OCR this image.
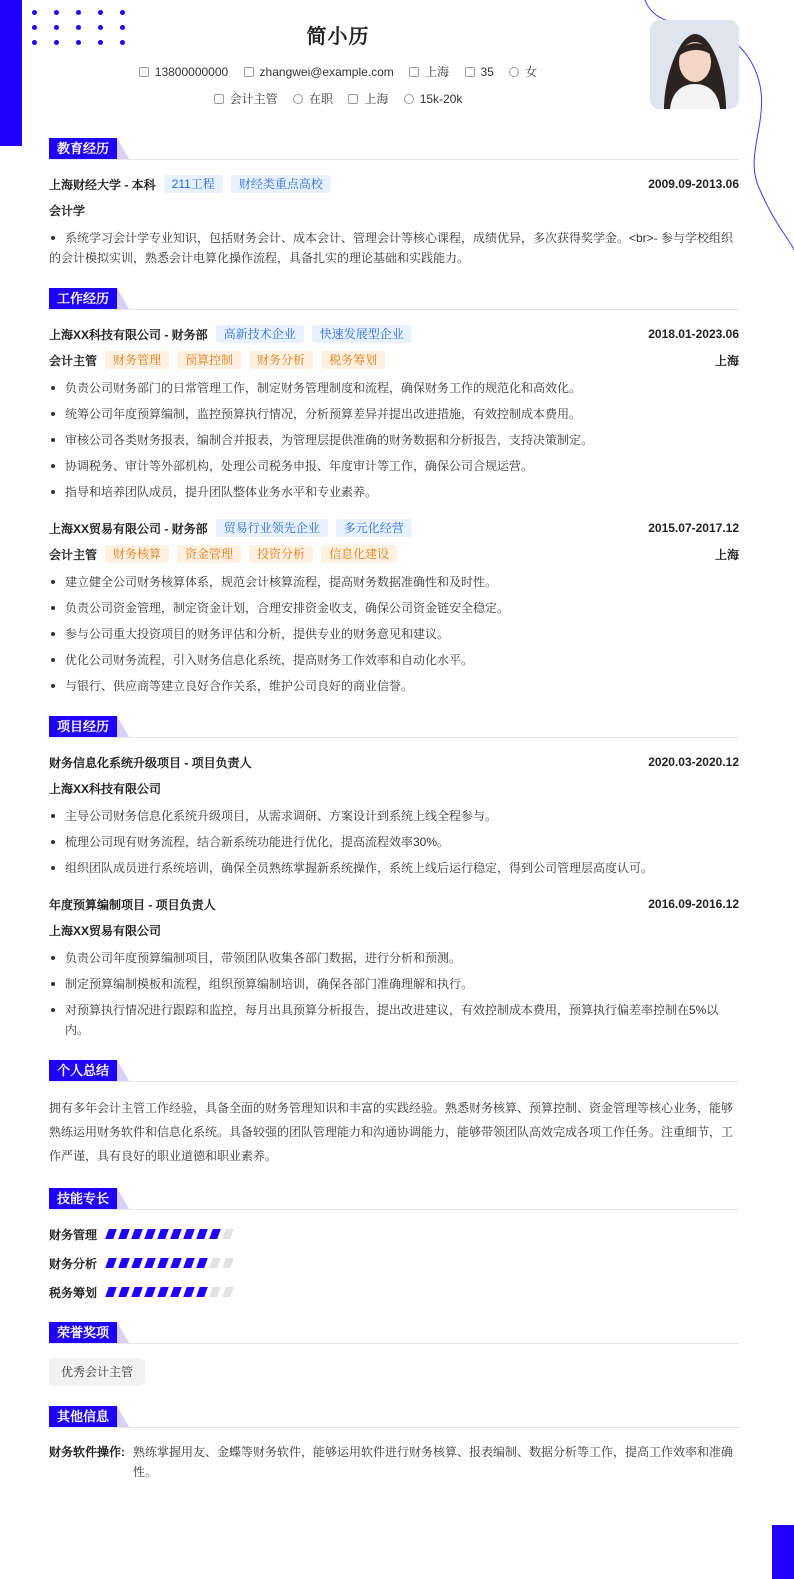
简小历
13800000000	zhangwei@example.com	上海	35	女
会计主管	在职	上海	15k-20k
教育经历
上海财经大学 - 本科	211工程	财经类重点高校	2009.09-2013.06
会计学
系统学习会计学专业知识，包括财务会计、成本会计、管理会计等核心课程，成绩优异，多次获得奖学金。<br>- 参与学校组织的会计模拟实训，熟悉会计电算化操作流程，具备扎实的理论基础和实践能力。
工作经历
上海XX科技有限公司 - 财务部	高新技术企业	快速发展型企业	2018.01-2023.06
会计主管	财务管理	预算控制	财务分析	税务筹划	上海
负责公司财务部门的日常管理工作，制定财务管理制度和流程，确保财务工作的规范化和高效化。
统筹公司年度预算编制，监控预算执行情况，分析预算差异并提出改进措施，有效控制成本费用。
审核公司各类财务报表，编制合并报表，为管理层提供准确的财务数据和分析报告，支持决策制定。
协调税务、审计等外部机构，处理公司税务申报、年度审计等工作，确保公司合规运营。
指导和培养团队成员，提升团队整体业务水平和专业素养。
上海XX贸易有限公司 - 财务部	贸易行业领先企业	多元化经营	2015.07-2017.12
会计主管	财务核算	资金管理	投资分析	信息化建设	上海
建立健全公司财务核算体系，规范会计核算流程，提高财务数据准确性和及时性。
负责公司资金管理，制定资金计划，合理安排资金收支，确保公司资金链安全稳定。
参与公司重大投资项目的财务评估和分析，提供专业的财务意见和建议。
优化公司财务流程，引入财务信息化系统，提高财务工作效率和自动化水平。
与银行、供应商等建立良好合作关系，维护公司良好的商业信誉。
项目经历
财务信息化系统升级项目 - 项目负责人	2020.03-2020.12
上海XX科技有限公司
主导公司财务信息化系统升级项目，从需求调研、方案设计到系统上线全程参与。
梳理公司现有财务流程，结合新系统功能进行优化，提高流程效率30%。
组织团队成员进行系统培训，确保全员熟练掌握新系统操作，系统上线后运行稳定，得到公司管理层高度认可。
年度预算编制项目 - 项目负责人	2016.09-2016.12
上海XX贸易有限公司
负责公司年度预算编制项目，带领团队收集各部门数据，进行分析和预测。
制定预算编制模板和流程，组织预算编制培训，确保各部门准确理解和执行。
对预算执行情况进行跟踪和监控，每月出具预算分析报告，提出改进建议，有效控制成本费用，预算执行偏差率控制在5%以内。
个人总结
拥有多年会计主管工作经验，具备全面的财务管理知识和丰富的实践经验。熟悉财务核算、预算控制、资金管理等核心业务，能够熟练运用财务软件和信息化系统。具备较强的团队管理能力和沟通协调能力，能够带领团队高效完成各项工作任务。注重细节，工作严谨，具有良好的职业道德和职业素养。
技能专长
财务管理
财务分析
税务筹划
荣誉奖项
优秀会计主管
其他信息
财务软件操作: 熟练掌握用友、金蝶等财务软件，能够运用软件进行财务核算、报表编制、数据分析等工作，提高工作效率和准确性。
